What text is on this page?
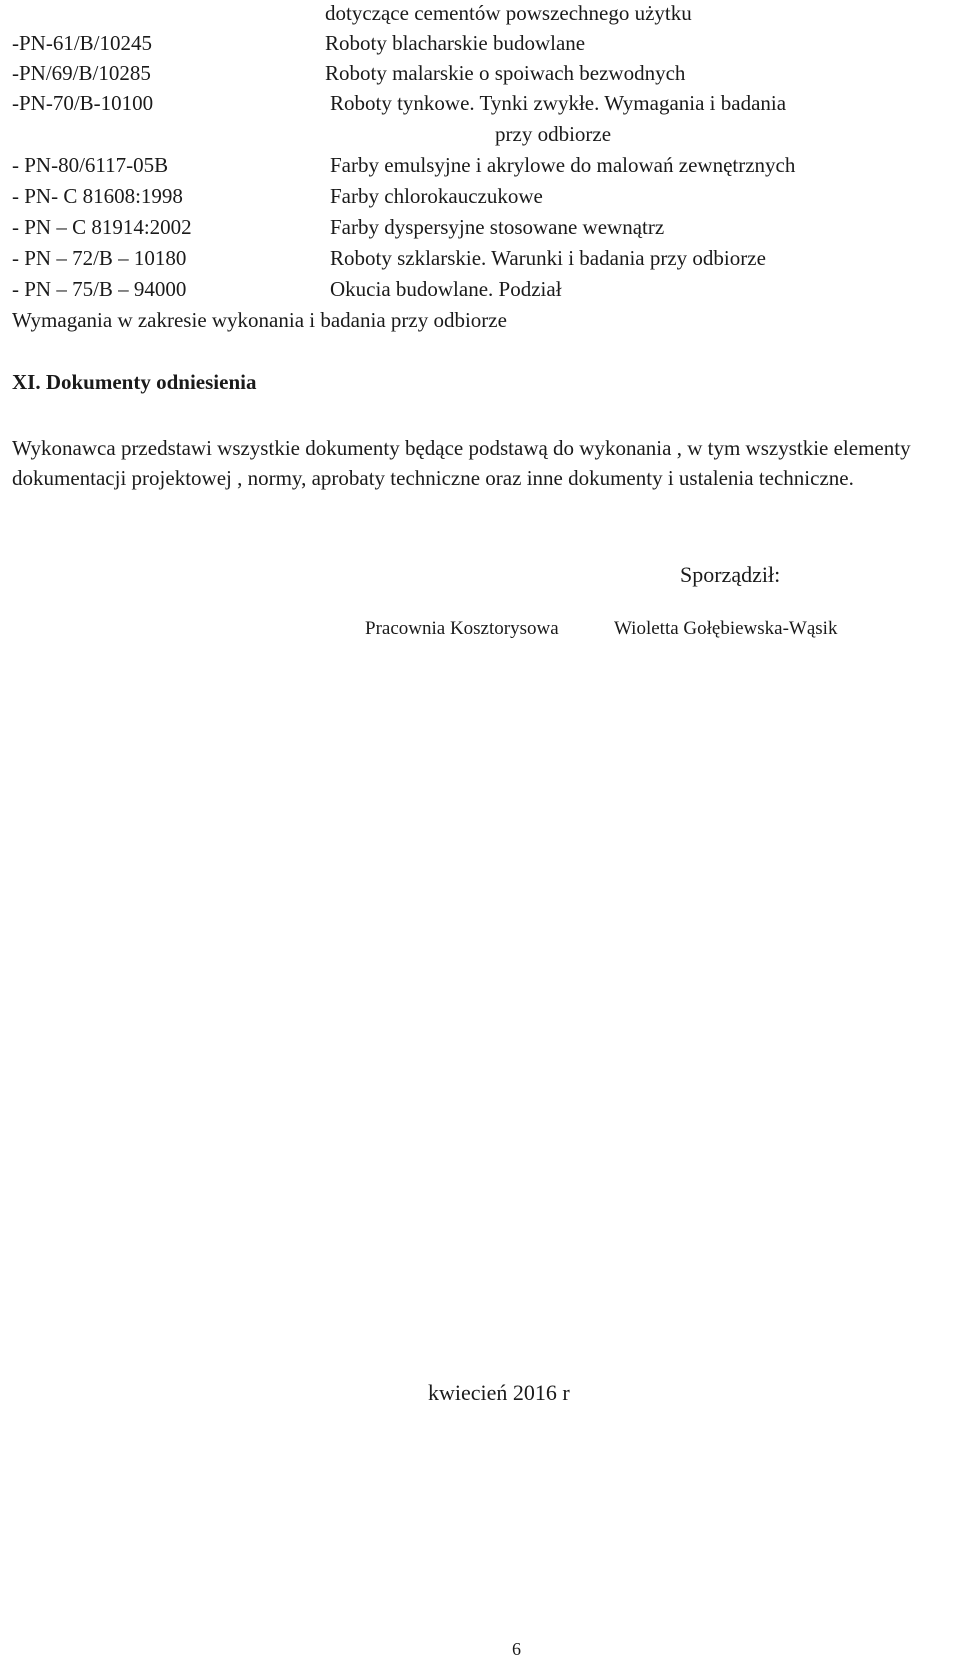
dotyczące cementów powszechnego użytku
-PN-61/B/10245	Roboty blacharskie budowlane
-PN/69/B/10285	Roboty malarskie o spoiwach bezwodnych
-PN-70/B-10100	Roboty tynkowe. Tynki zwykłe. Wymagania i badania
przy odbiorze
- PN-80/6117-05B	Farby emulsyjne i akrylowe do malowań zewnętrznych
- PN- C 81608:1998	Farby chlorokauczukowe
- PN – C 81914:2002	Farby dyspersyjne stosowane wewnątrz
- PN – 72/B – 10180	Roboty szklarskie. Warunki i badania przy odbiorze
- PN – 75/B – 94000	Okucia budowlane. Podział
Wymagania w zakresie wykonania i badania przy odbiorze
XI. Dokumenty odniesienia
Wykonawca przedstawi wszystkie dokumenty będące podstawą do wykonania , w tym wszystkie elementy dokumentacji projektowej , normy, aprobaty techniczne oraz inne dokumenty i ustalenia techniczne.
Sporządził:
Pracownia Kosztorysowa	Wioletta Gołębiewska-Wąsik
kwiecień 2016 r
6
